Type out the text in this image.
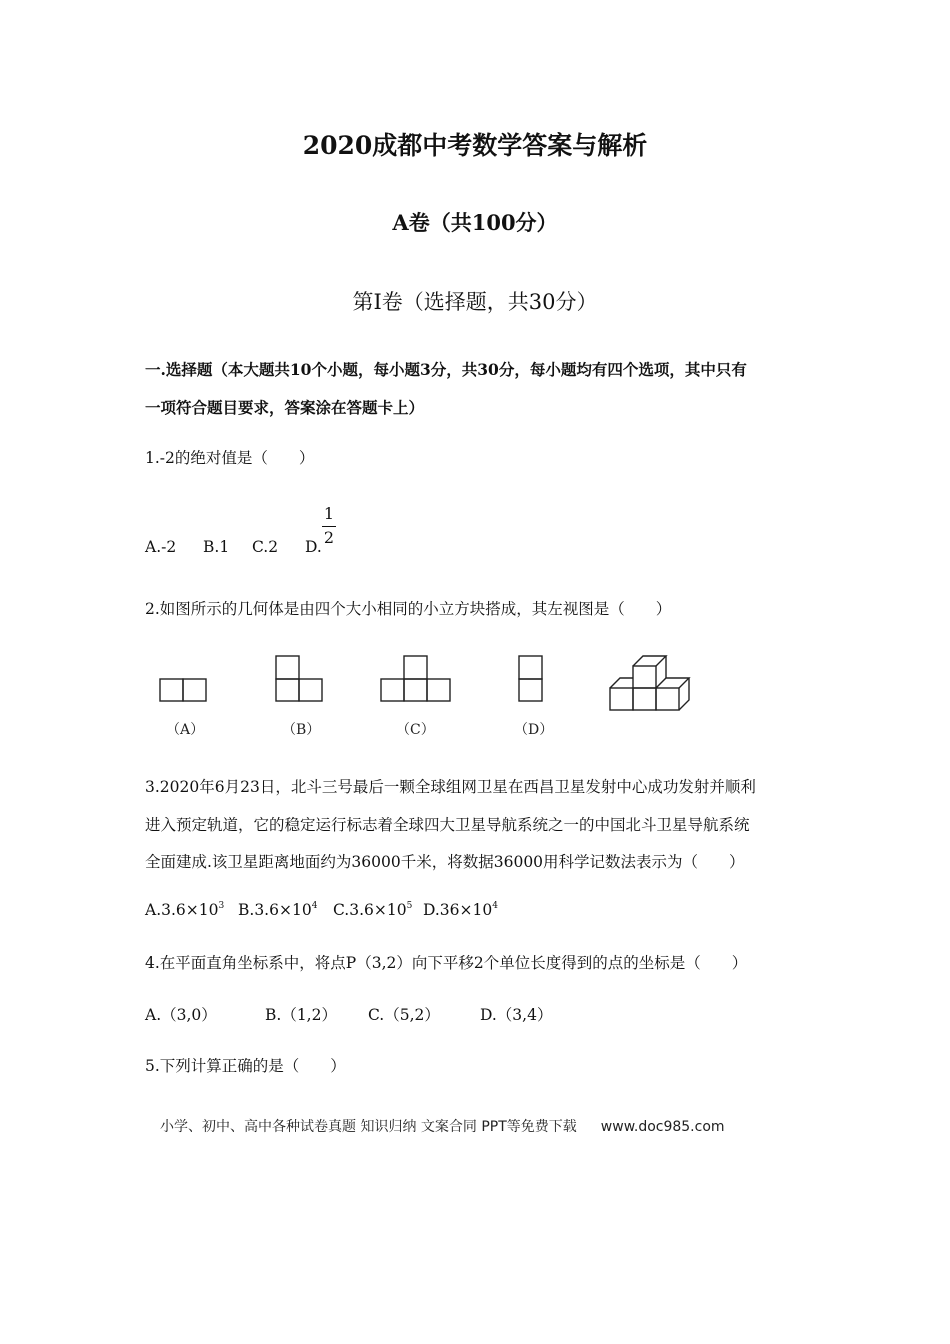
2020成都中考数学答案与解析
A卷（共100分）
第I卷（选择题，共30分）
一.选择题（本大题共10个小题，每小题3分，共30分，每小题均有四个选项，其中只有
一项符合题目要求，答案涂在答题卡上）
1.-2的绝对值是（　　）
A.-2 B.1 C.2 D. $\frac{1}{2}$
2.如图所示的几何体是由四个大小相同的小立方块搭成，其左视图是（　　）
（A）	（B）	（C）	（D）
3.2020年6月23日，北斗三号最后一颗全球组网卫星在西昌卫星发射中心成功发射并顺利
进入预定轨道，它的稳定运行标志着全球四大卫星导航系统之一的中国北斗卫星导航系统
全面建成.该卫星距离地面约为36000千米，将数据36000用科学记数法表示为（　　）
$A.3.6\times 10^3$ $B.3.6\times 10^4$ $C.3.6\times 10^5$ $D.36\times 10^4$
4.在平面直角坐标系中，将点P（3,2）向下平移2个单位长度得到的点的坐标是（　　）
A.（3,0）	B.（1,2） C.（5,2）	D.（3,4）
5.下列计算正确的是（　　）
小学、初中、高中各种试卷真题 知识归纳 文案合同 PPT等免费下载 www.doc985.com
